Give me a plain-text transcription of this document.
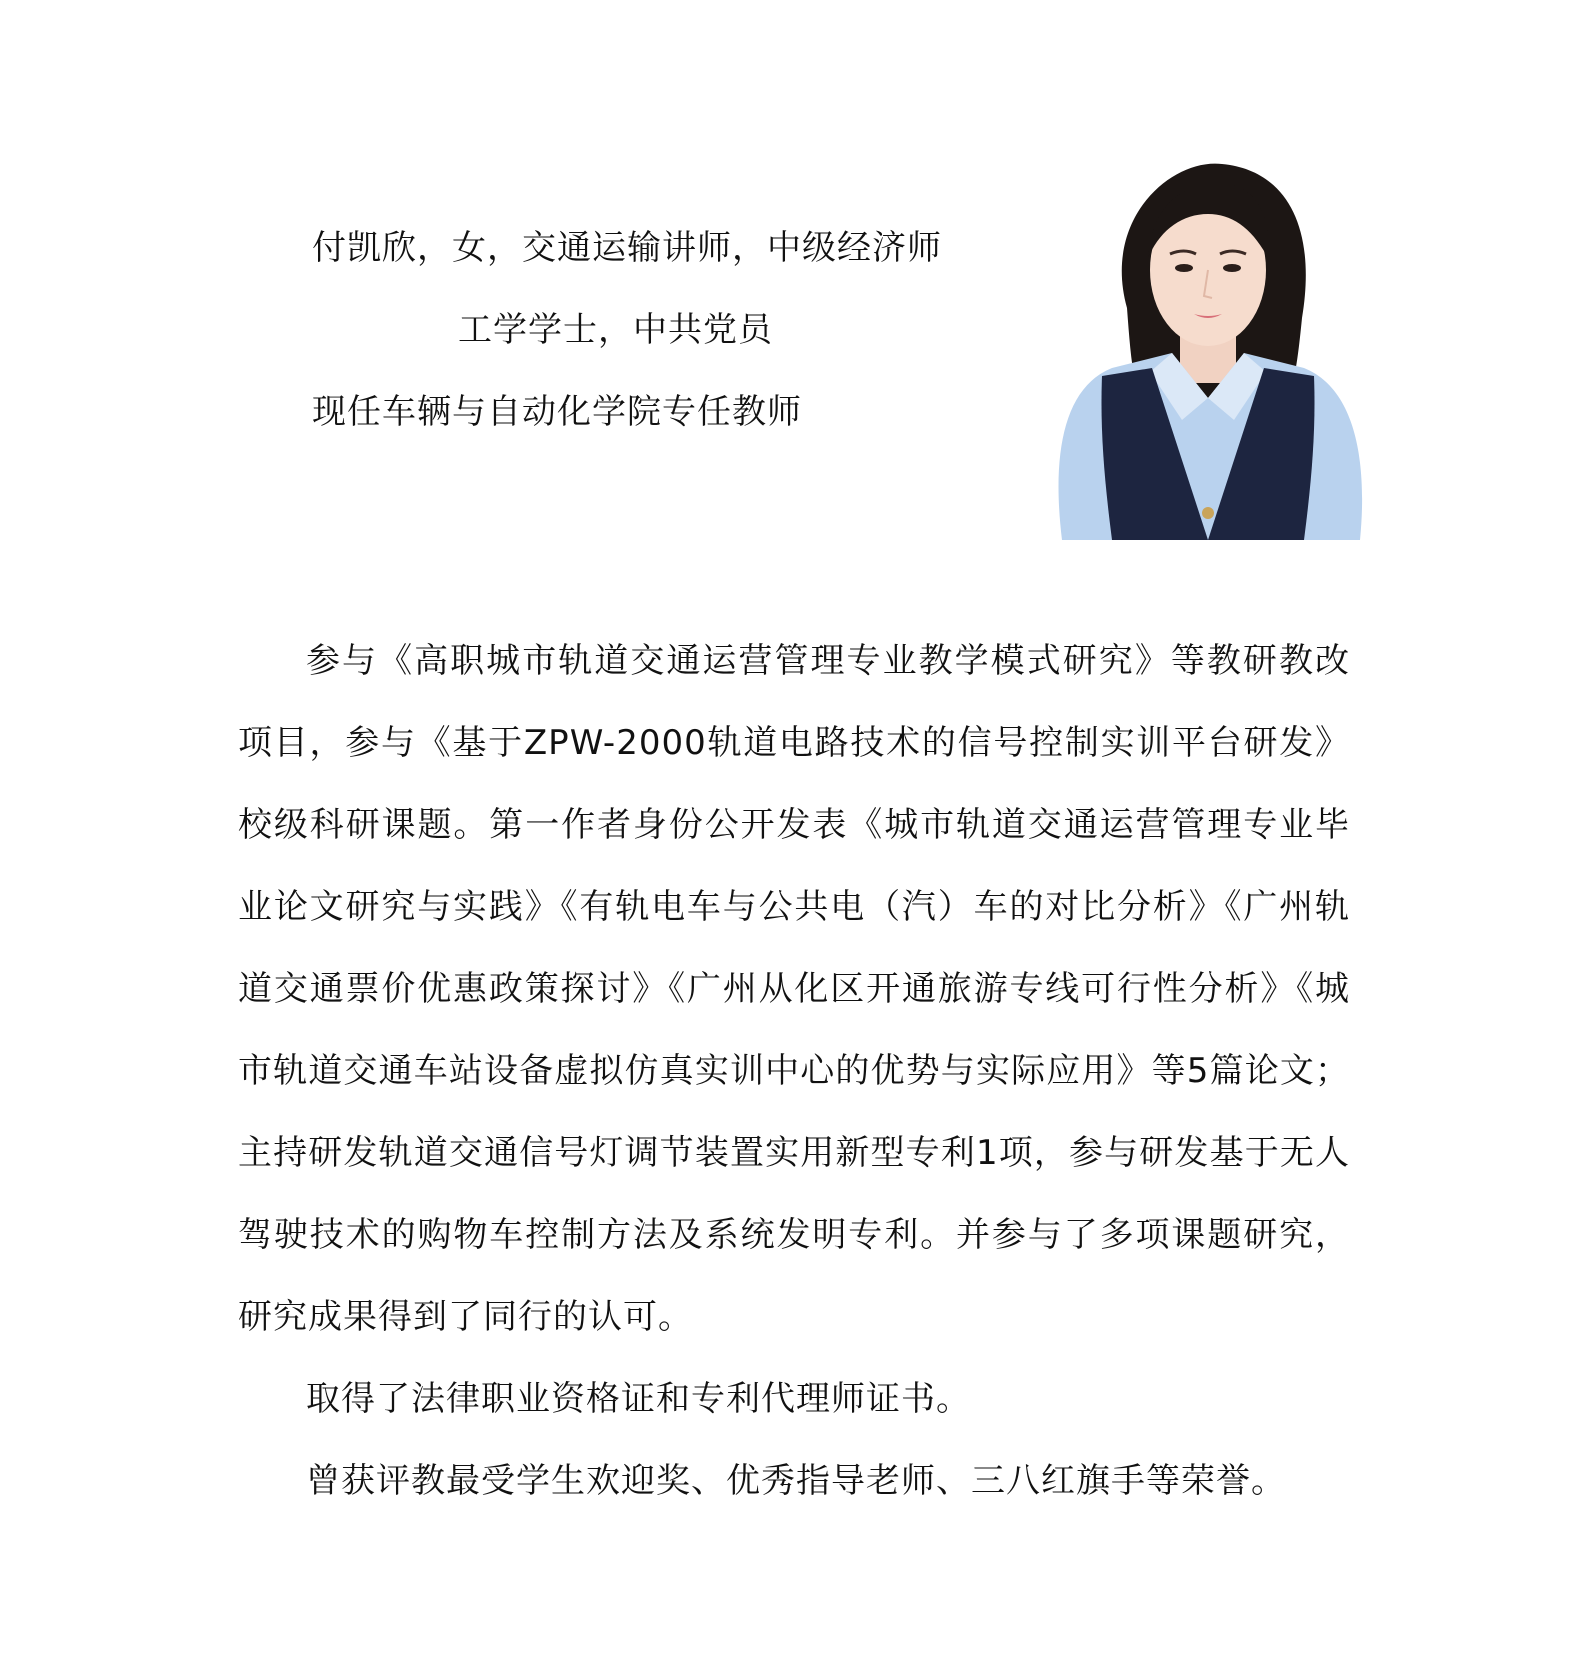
付凯欣，女，交通运输讲师，中级经济师
工学学士，中共党员
现任车辆与自动化学院专任教师

参与《高职城市轨道交通运营管理专业教学模式研究》等教研教改项目，参与《基于ZPW-2000轨道电路技术的信号控制实训平台研发》校级科研课题。第一作者身份公开发表《城市轨道交通运营管理专业毕业论文研究与实践》《有轨电车与公共电（汽）车的对比分析》《广州轨道交通票价优惠政策探讨》《广州从化区开通旅游专线可行性分析》《城市轨道交通车站设备虚拟仿真实训中心的优势与实际应用》等5篇论文；主持研发轨道交通信号灯调节装置实用新型专利1项，参与研发基于无人驾驶技术的购物车控制方法及系统发明专利。并参与了多项课题研究，研究成果得到了同行的认可。

取得了法律职业资格证和专利代理师证书。

曾获评教最受学生欢迎奖、优秀指导老师、三八红旗手等荣誉。
